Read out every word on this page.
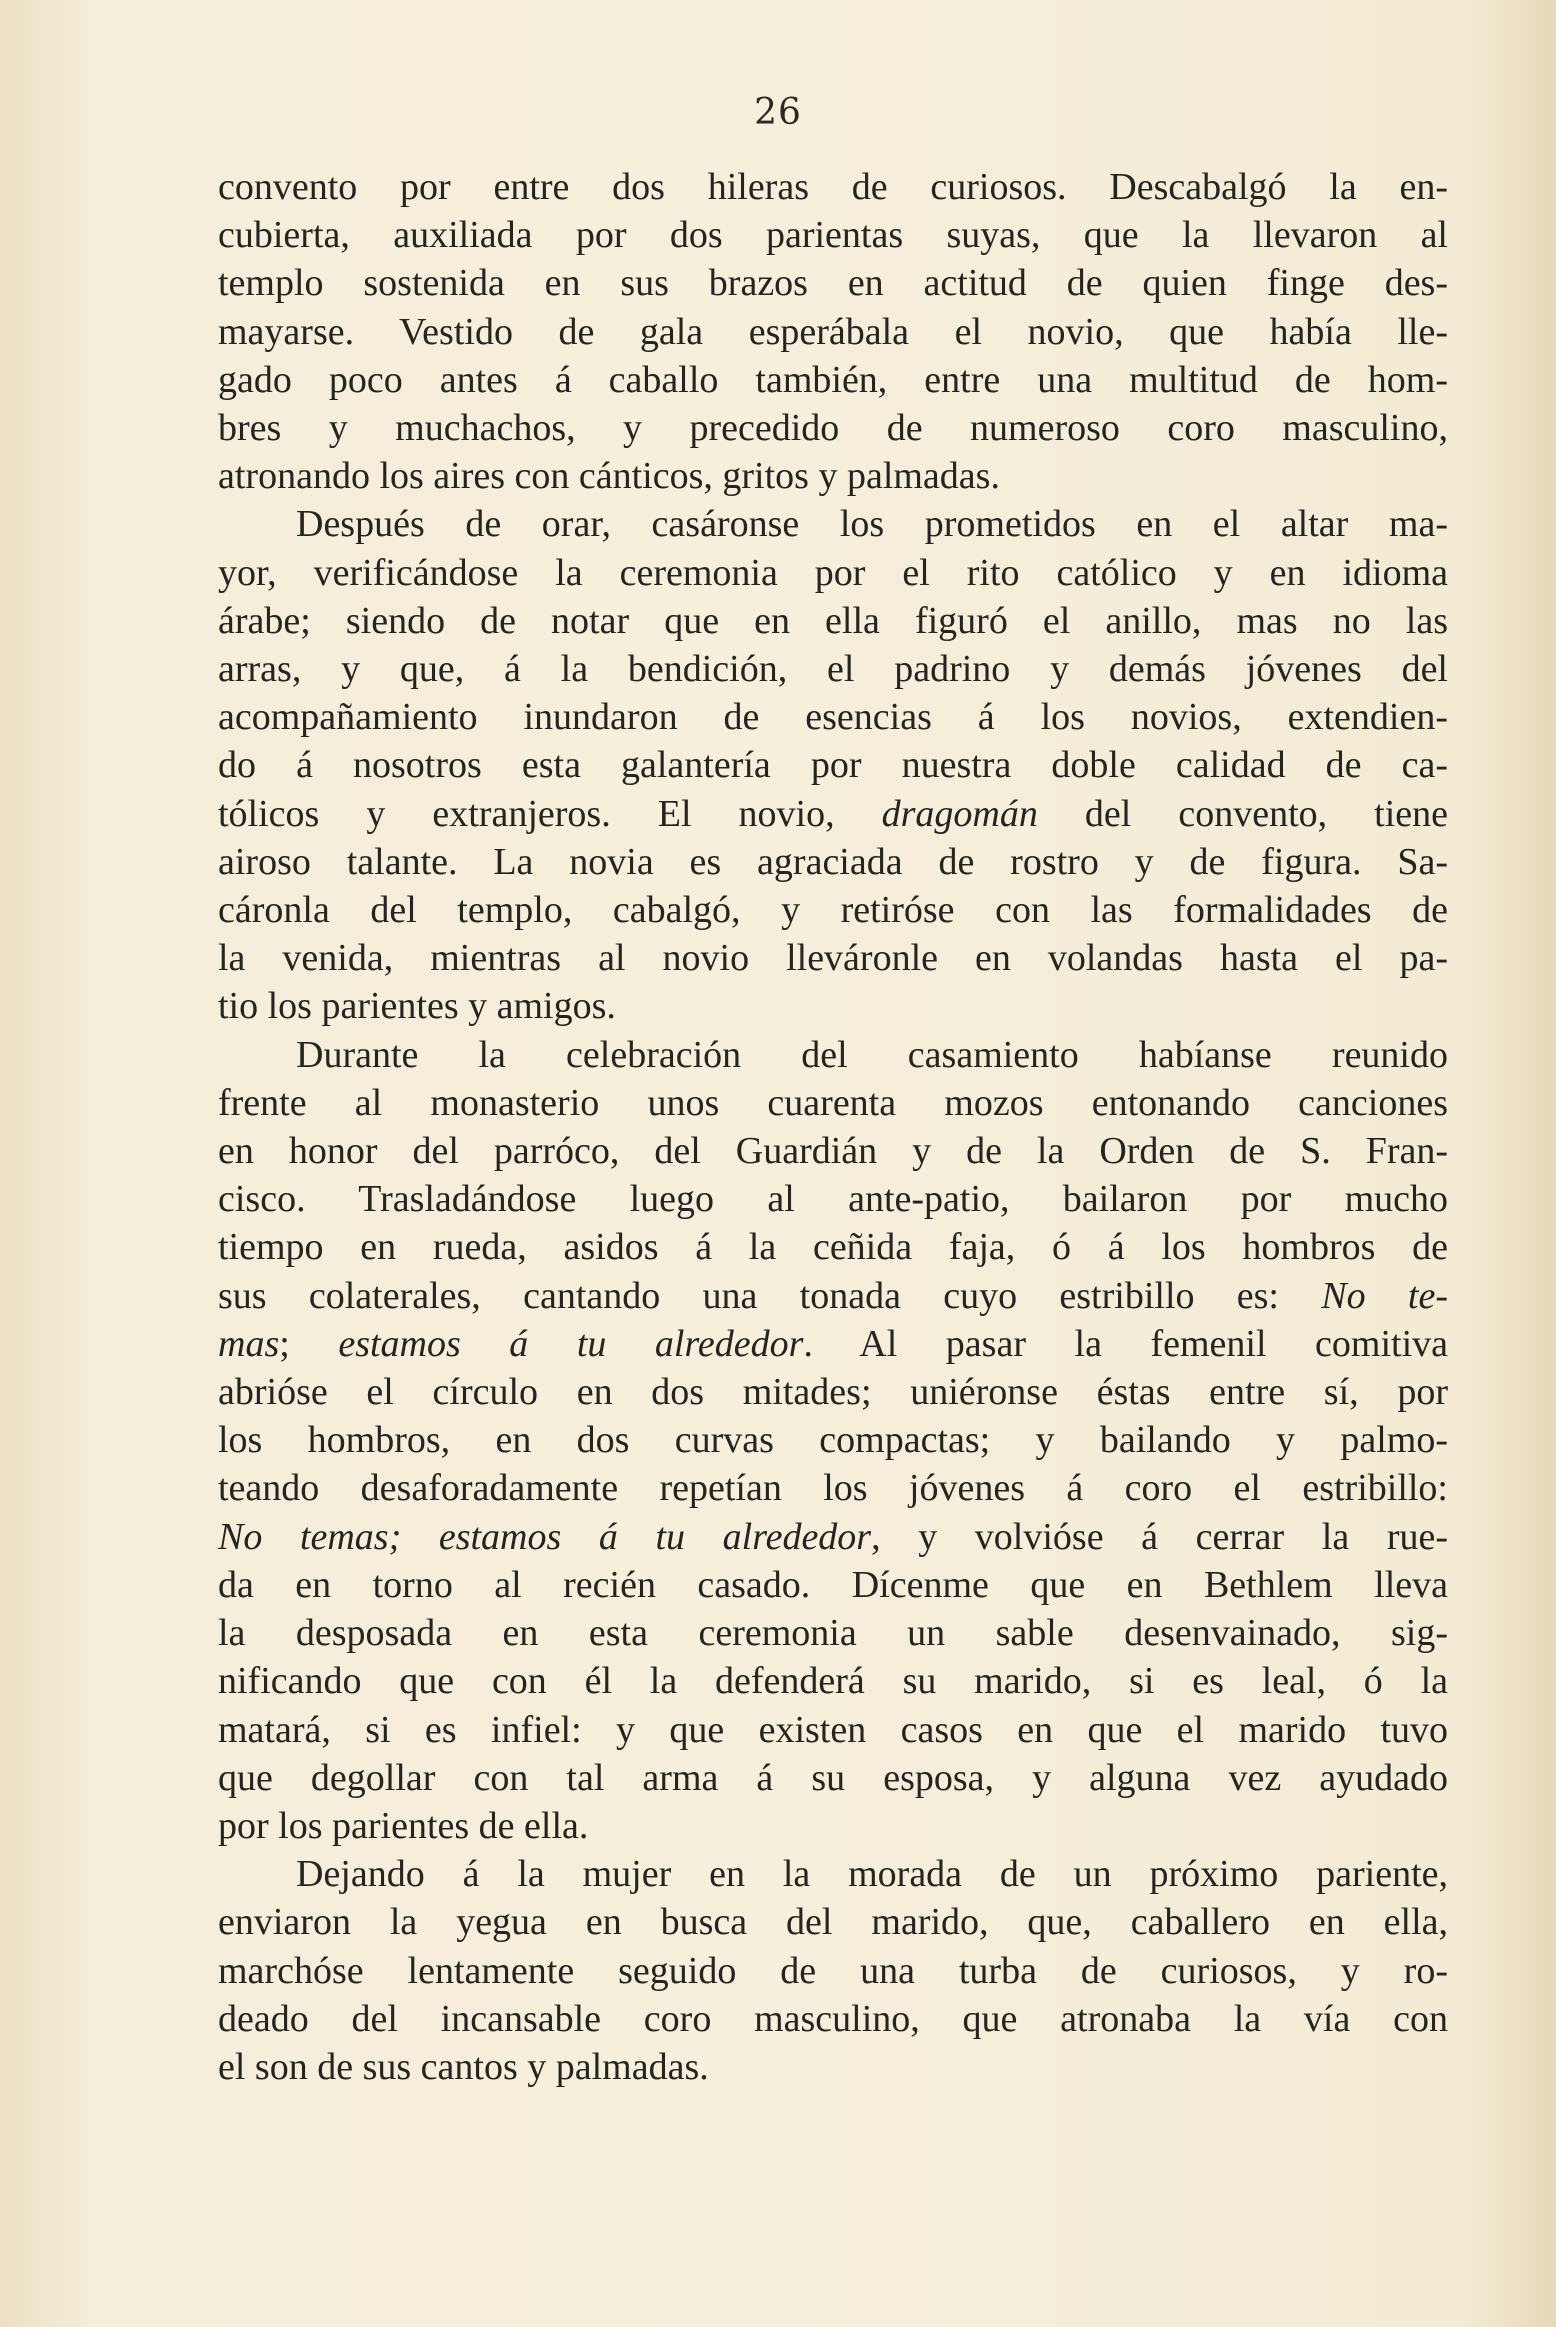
26
convento por entre dos hileras de curiosos. Descabalgó la en-
cubierta, auxiliada por dos parientas suyas, que la llevaron al
templo sostenida en sus brazos en actitud de quien finge des-
mayarse. Vestido de gala esperábala el novio, que había lle-
gado poco antes á caballo también, entre una multitud de hom-
bres y muchachos, y precedido de numeroso coro masculino,
atronando los aires con cánticos, gritos y palmadas.
Después de orar, casáronse los prometidos en el altar ma-
yor, verificándose la ceremonia por el rito católico y en idioma
árabe; siendo de notar que en ella figuró el anillo, mas no las
arras, y que, á la bendición, el padrino y demás jóvenes del
acompañamiento inundaron de esencias á los novios, extendien-
do á nosotros esta galantería por nuestra doble calidad de ca-
tólicos y extranjeros. El novio, dragomán del convento, tiene
airoso talante. La novia es agraciada de rostro y de figura. Sa-
cáronla del templo, cabalgó, y retiróse con las formalidades de
la venida, mientras al novio lleváronle en volandas hasta el pa-
tio los parientes y amigos.
Durante la celebración del casamiento habíanse reunido
frente al monasterio unos cuarenta mozos entonando canciones
en honor del parróco, del Guardián y de la Orden de S. Fran-
cisco. Trasladándose luego al ante-patio, bailaron por mucho
tiempo en rueda, asidos á la ceñida faja, ó á los hombros de
sus colaterales, cantando una tonada cuyo estribillo es: No te-
mas; estamos á tu alrededor. Al pasar la femenil comitiva
abrióse el círculo en dos mitades; uniéronse éstas entre sí, por
los hombros, en dos curvas compactas; y bailando y palmo-
teando desaforadamente repetían los jóvenes á coro el estribillo:
No temas; estamos á tu alrededor, y volvióse á cerrar la rue-
da en torno al recién casado. Dícenme que en Bethlem lleva
la desposada en esta ceremonia un sable desenvainado, sig-
nificando que con él la defenderá su marido, si es leal, ó la
matará, si es infiel: y que existen casos en que el marido tuvo
que degollar con tal arma á su esposa, y alguna vez ayudado
por los parientes de ella.
Dejando á la mujer en la morada de un próximo pariente,
enviaron la yegua en busca del marido, que, caballero en ella,
marchóse lentamente seguido de una turba de curiosos, y ro-
deado del incansable coro masculino, que atronaba la vía con
el son de sus cantos y palmadas.
